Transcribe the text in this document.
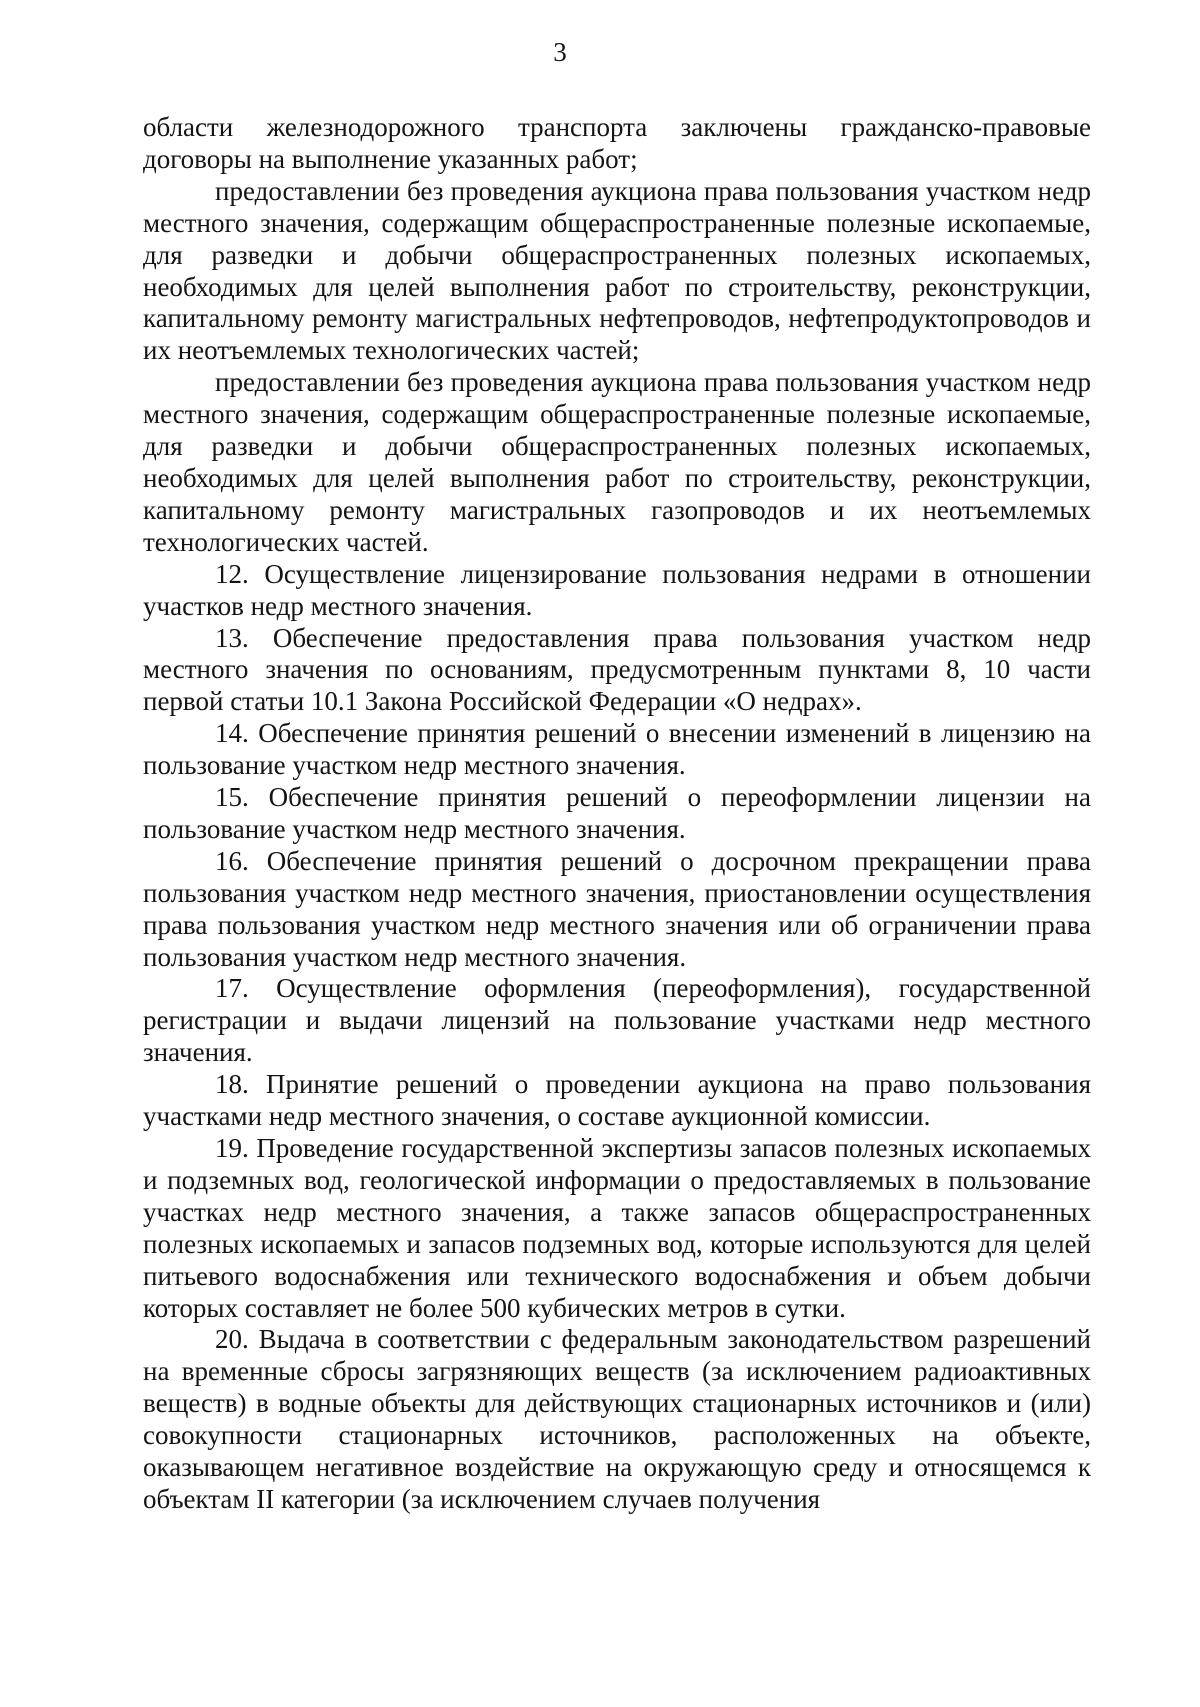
3

области железнодорожного транспорта заключены гражданско-правовые договоры на выполнение указанных работ;

предоставлении без проведения аукциона права пользования участком недр местного значения, содержащим общераспространенные полезные ископаемые, для разведки и добычи общераспространенных полезных ископаемых, необходимых для целей выполнения работ по строительству, реконструкции, капитальному ремонту магистральных нефтепроводов, нефтепродуктопроводов и их неотъемлемых технологических частей;

предоставлении без проведения аукциона права пользования участком недр местного значения, содержащим общераспространенные полезные ископаемые, для разведки и добычи общераспространенных полезных ископаемых, необходимых для целей выполнения работ по строительству, реконструкции, капитальному ремонту магистральных газопроводов и их неотъемлемых технологических частей.

12. Осуществление лицензирование пользования недрами в отношении участков недр местного значения.

13. Обеспечение предоставления права пользования участком недр местного значения по основаниям, предусмотренным пунктами 8, 10 части первой статьи 10.1 Закона Российской Федерации «О недрах».

14. Обеспечение принятия решений о внесении изменений в лицензию на пользование участком недр местного значения.

15. Обеспечение принятия решений о переоформлении лицензии на пользование участком недр местного значения.

16. Обеспечение принятия решений о досрочном прекращении права пользования участком недр местного значения, приостановлении осуществления права пользования участком недр местного значения или об ограничении права пользования участком недр местного значения.

17. Осуществление оформления (переоформления), государственной регистрации и выдачи лицензий на пользование участками недр местного значения.

18. Принятие решений о проведении аукциона на право пользования участками недр местного значения, о составе аукционной комиссии.

19. Проведение государственной экспертизы запасов полезных ископаемых и подземных вод, геологической информации о предоставляемых в пользование участках недр местного значения, а также запасов общераспространенных полезных ископаемых и запасов подземных вод, которые используются для целей питьевого водоснабжения или технического водоснабжения и объем добычи которых составляет не более 500 кубических метров в сутки.

20. Выдача в соответствии с федеральным законодательством разрешений на временные сбросы загрязняющих веществ (за исключением радиоактивных веществ) в водные объекты для действующих стационарных источников и (или) совокупности стационарных источников, расположенных на объекте, оказывающем негативное воздействие на окружающую среду и относящемся к объектам II категории (за исключением случаев получения
